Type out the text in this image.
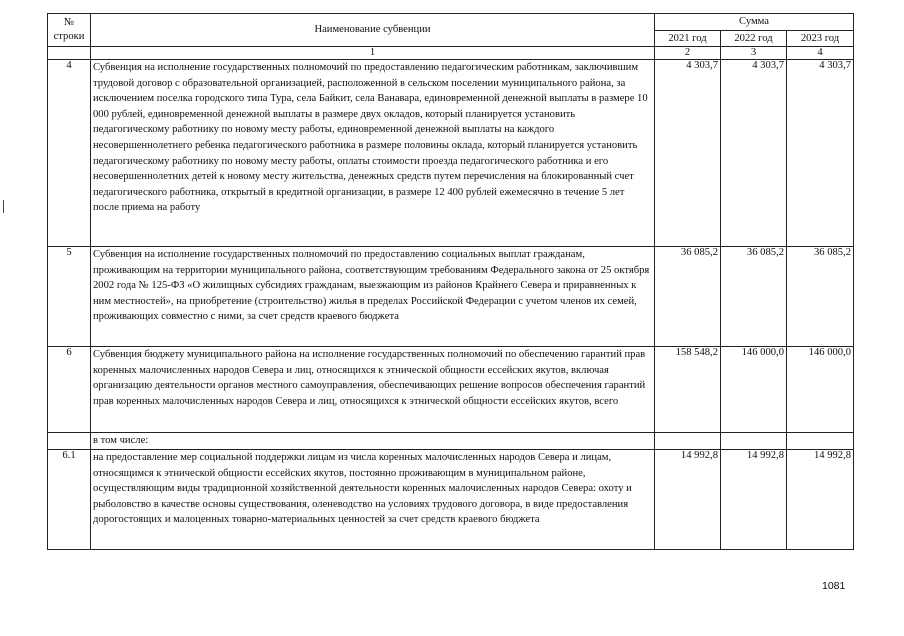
№ строки	Наименование субвенции	Сумма		
		2021 год	2022 год	2023 год
	1	2	3	4
4	Субвенция на исполнение государственных полномочий по предоставлению педагогическим работникам, заключившим трудовой договор с образовательной организацией, расположенной в сельском поселении муниципального района, за исключением поселка городского типа Тура, села Байкит, села Ванавара, единовременной денежной выплаты в размере 10 000 рублей, единовременной денежной выплаты в размере двух окладов, который планируется установить педагогическому работнику по новому месту работы, единовременной денежной выплаты на каждого несовершеннолетнего ребенка педагогического работника в размере половины оклада, который планируется установить педагогическому работнику по новому месту работы, оплаты стоимости проезда педагогического работника и его несовершеннолетних детей к новому месту жительства, денежных средств путем перечисления на блокированный счет педагогического работника, открытый в кредитной организации, в размере 12 400 рублей ежемесячно в течение 5 лет после приема на работу	4 303,7	4 303,7	4 303,7
5	Субвенция на исполнение государственных полномочий по предоставлению социальных выплат гражданам, проживающим на территории муниципального района, соответствующим требованиям Федерального закона от 25 октября 2002 года № 125-ФЗ «О жилищных субсидиях гражданам, выезжающим из районов Крайнего Севера и приравненных к ним местностей», на приобретение (строительство) жилья в пределах Российской Федерации с учетом членов их семей, проживающих совместно с ними, за счет средств краевого бюджета	36 085,2	36 085,2	36 085,2
6	Субвенция бюджету муниципального района на исполнение государственных полномочий по обеспечению гарантий прав коренных малочисленных народов Севера и лиц, относящихся к этнической общности ессейских якутов, включая организацию деятельности органов местного самоуправления, обеспечивающих решение вопросов обеспечения гарантий прав коренных малочисленных народов Севера и лиц, относящихся к этнической общности ессейских якутов, всего	158 548,2	146 000,0	146 000,0
	в том числе:			
6.1	на предоставление мер социальной поддержки лицам из числа коренных малочисленных народов Севера и лицам, относящимся к этнической общности ессейских якутов, постоянно проживающим в муниципальном районе, осуществляющим виды традиционной хозяйственной деятельности коренных малочисленных народов Севера: охоту и рыболовство в качестве основы существования, оленеводство на условиях трудового договора, в виде предоставления дорогостоящих и малоценных товарно-материальных ценностей за счет средств краевого бюджета	14 992,8	14 992,8	14 992,8
1081
